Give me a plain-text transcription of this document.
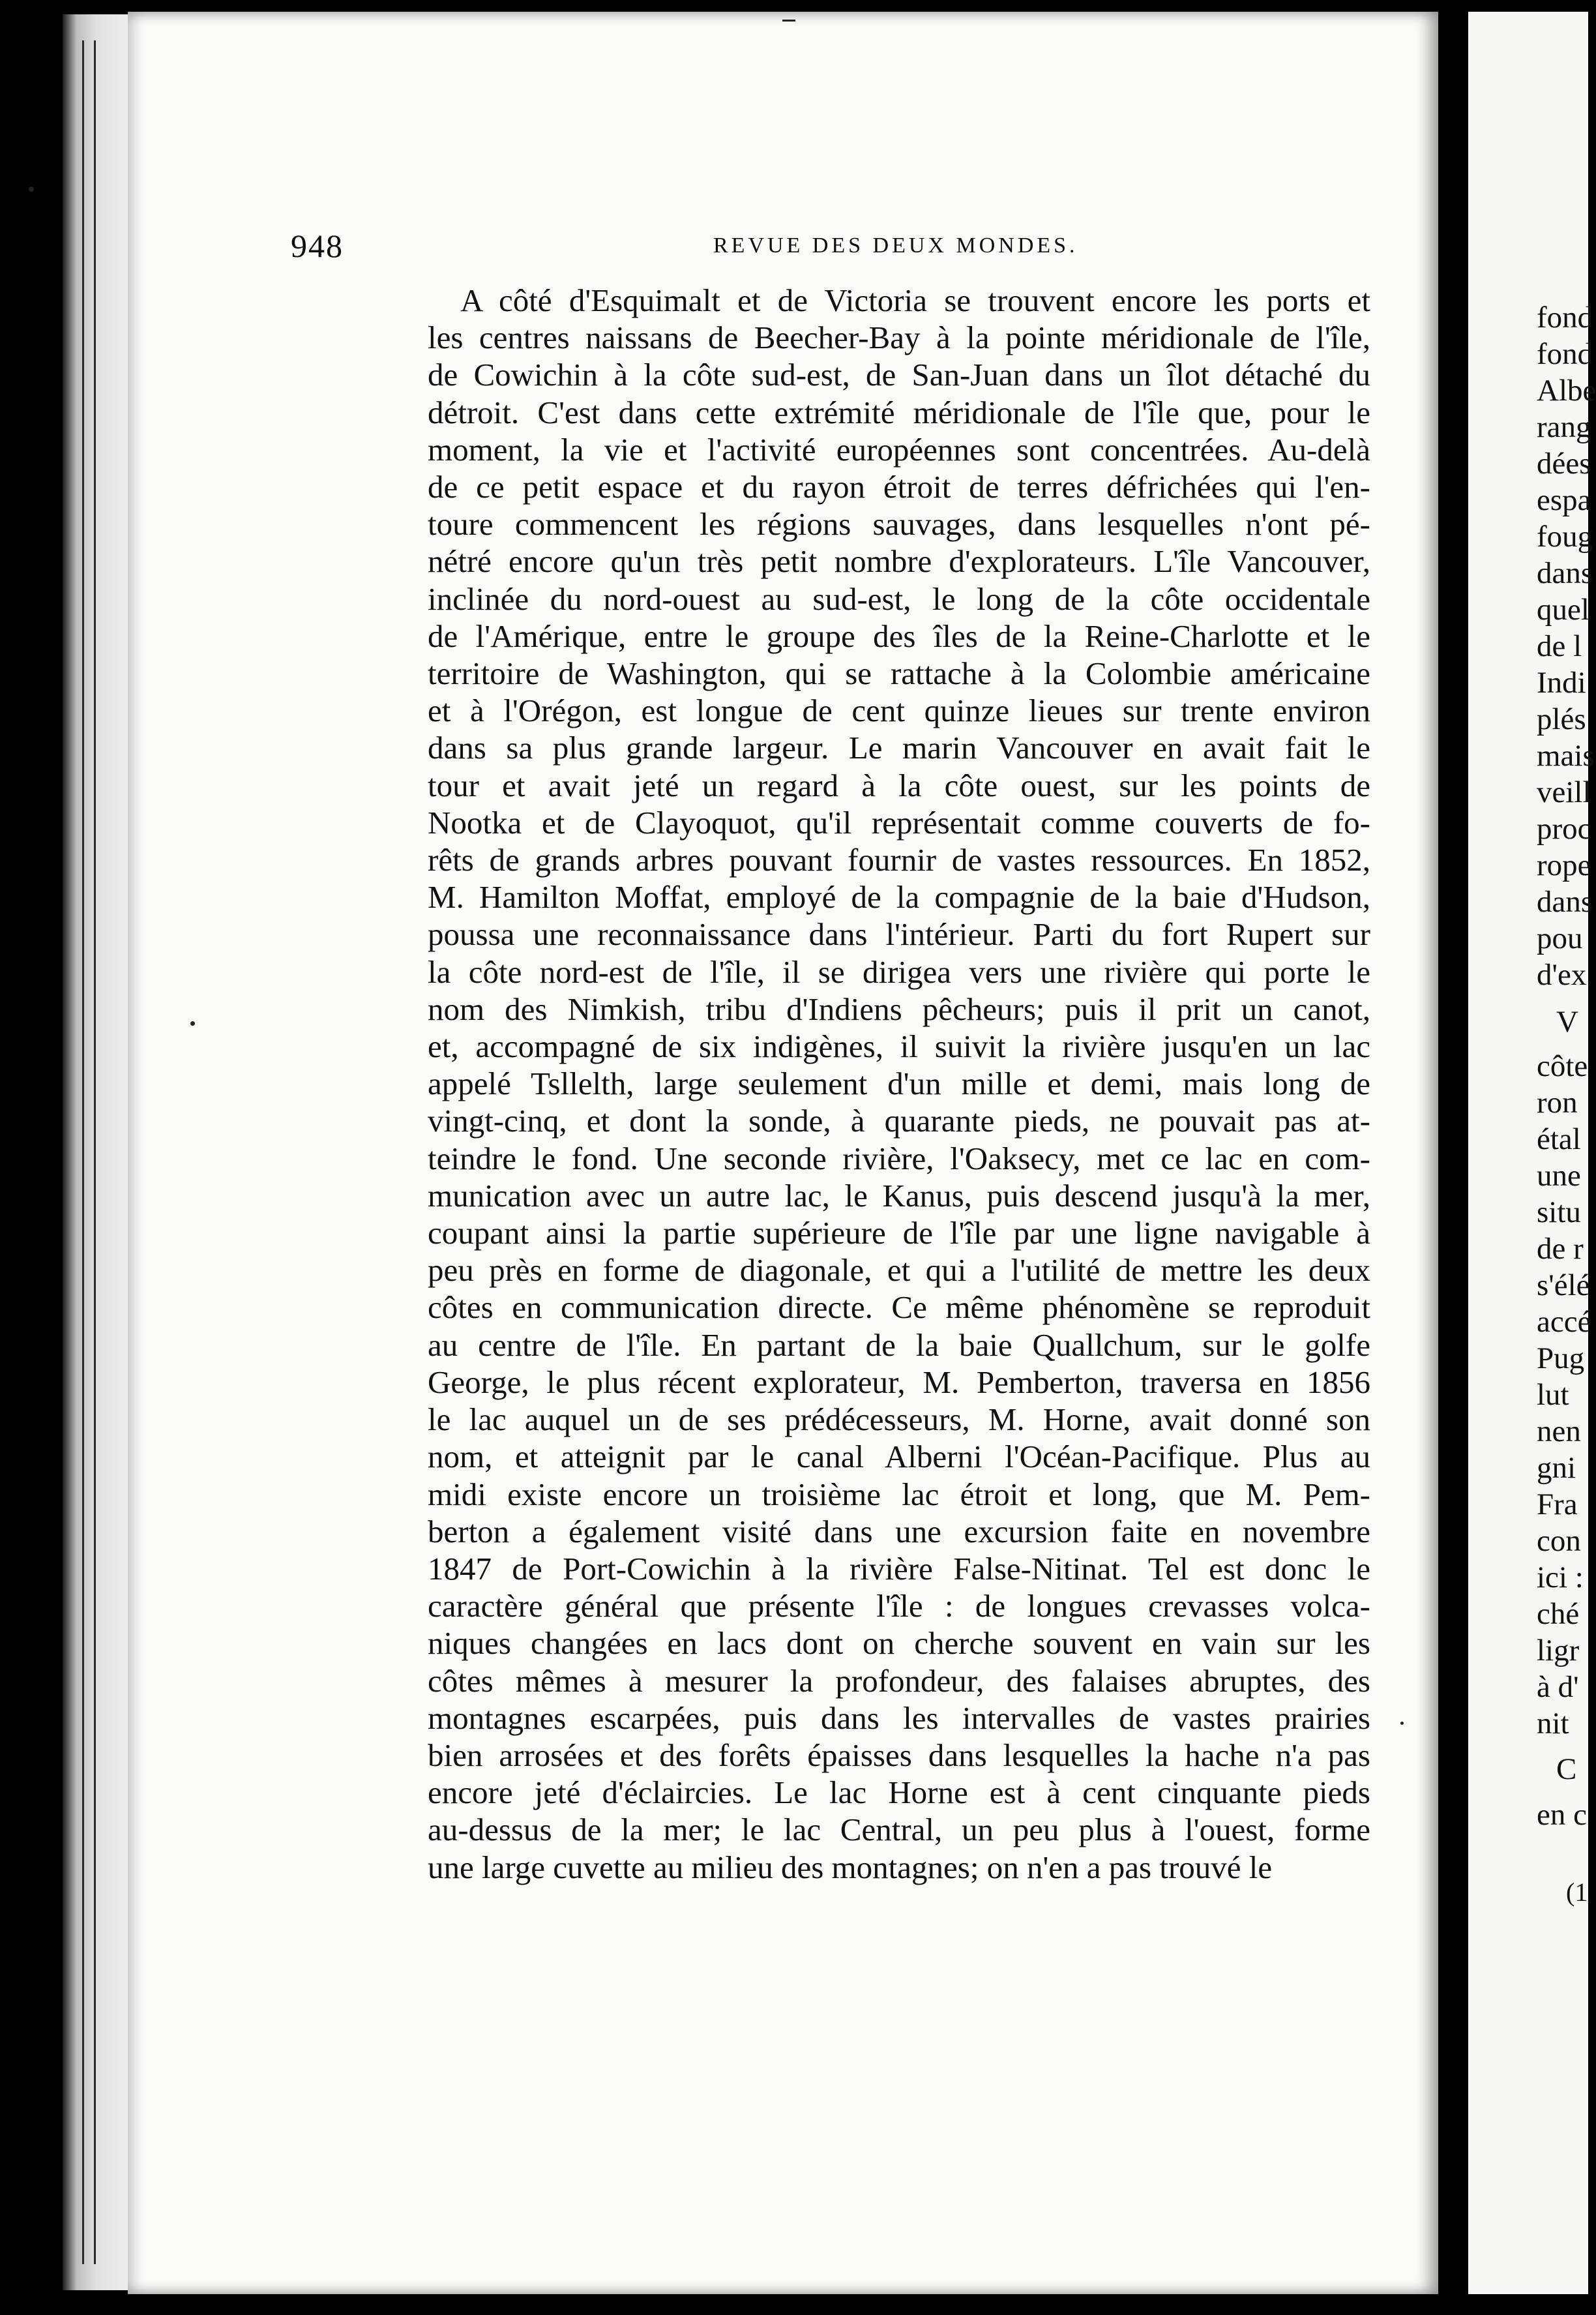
948	REVUE DES DEUX MONDES.
A côté d'Esquimalt et de Victoria se trouvent encore les ports et
les centres naissans de Beecher-Bay à la pointe méridionale de l'île,
de Cowichin à la côte sud-est, de San-Juan dans un îlot détaché du
détroit. C'est dans cette extrémité méridionale de l'île que, pour le
moment, la vie et l'activité européennes sont concentrées. Au-delà
de ce petit espace et du rayon étroit de terres défrichées qui l'en-
toure commencent les régions sauvages, dans lesquelles n'ont pé-
nétré encore qu'un très petit nombre d'explorateurs. L'île Vancouver,
inclinée du nord-ouest au sud-est, le long de la côte occidentale
de l'Amérique, entre le groupe des îles de la Reine-Charlotte et le
territoire de Washington, qui se rattache à la Colombie américaine
et à l'Orégon, est longue de cent quinze lieues sur trente environ
dans sa plus grande largeur. Le marin Vancouver en avait fait le
tour et avait jeté un regard à la côte ouest, sur les points de
Nootka et de Clayoquot, qu'il représentait comme couverts de fo-
rêts de grands arbres pouvant fournir de vastes ressources. En 1852,
M. Hamilton Moffat, employé de la compagnie de la baie d'Hudson,
poussa une reconnaissance dans l'intérieur. Parti du fort Rupert sur
la côte nord-est de l'île, il se dirigea vers une rivière qui porte le
nom des Nimkish, tribu d'Indiens pêcheurs; puis il prit un canot,
et, accompagné de six indigènes, il suivit la rivière jusqu'en un lac
appelé Tsllelth, large seulement d'un mille et demi, mais long de
vingt-cinq, et dont la sonde, à quarante pieds, ne pouvait pas at-
teindre le fond. Une seconde rivière, l'Oaksecy, met ce lac en com-
munication avec un autre lac, le Kanus, puis descend jusqu'à la mer,
coupant ainsi la partie supérieure de l'île par une ligne navigable à
peu près en forme de diagonale, et qui a l'utilité de mettre les deux
côtes en communication directe. Ce même phénomène se reproduit
au centre de l'île. En partant de la baie Quallchum, sur le golfe
George, le plus récent explorateur, M. Pemberton, traversa en 1856
le lac auquel un de ses prédécesseurs, M. Horne, avait donné son
nom, et atteignit par le canal Alberni l'Océan-Pacifique. Plus au
midi existe encore un troisième lac étroit et long, que M. Pem-
berton a également visité dans une excursion faite en novembre
1847 de Port-Cowichin à la rivière False-Nitinat. Tel est donc le
caractère général que présente l'île : de longues crevasses volca-
niques changées en lacs dont on cherche souvent en vain sur les
côtes mêmes à mesurer la profondeur, des falaises abruptes, des
montagnes escarpées, puis dans les intervalles de vastes prairies
bien arrosées et des forêts épaisses dans lesquelles la hache n'a pas
encore jeté d'éclaircies. Le lac Horne est à cent cinquante pieds
au-dessus de la mer; le lac Central, un peu plus à l'ouest, forme
une large cuvette au milieu des montagnes; on n'en a pas trouvé le
fond
fond
Albe
rang
dées
espa
foug
dans
quel
de l
Indi
plés
mais
veill
proc
rope
dans
pou
d'ex
V
côte
ron
étal
une
situ
de r
s'élé
accé
Pug
lut
nen
gni
Fra
con
ici :
ché
ligr
à d'
nit
C
en c
(1
